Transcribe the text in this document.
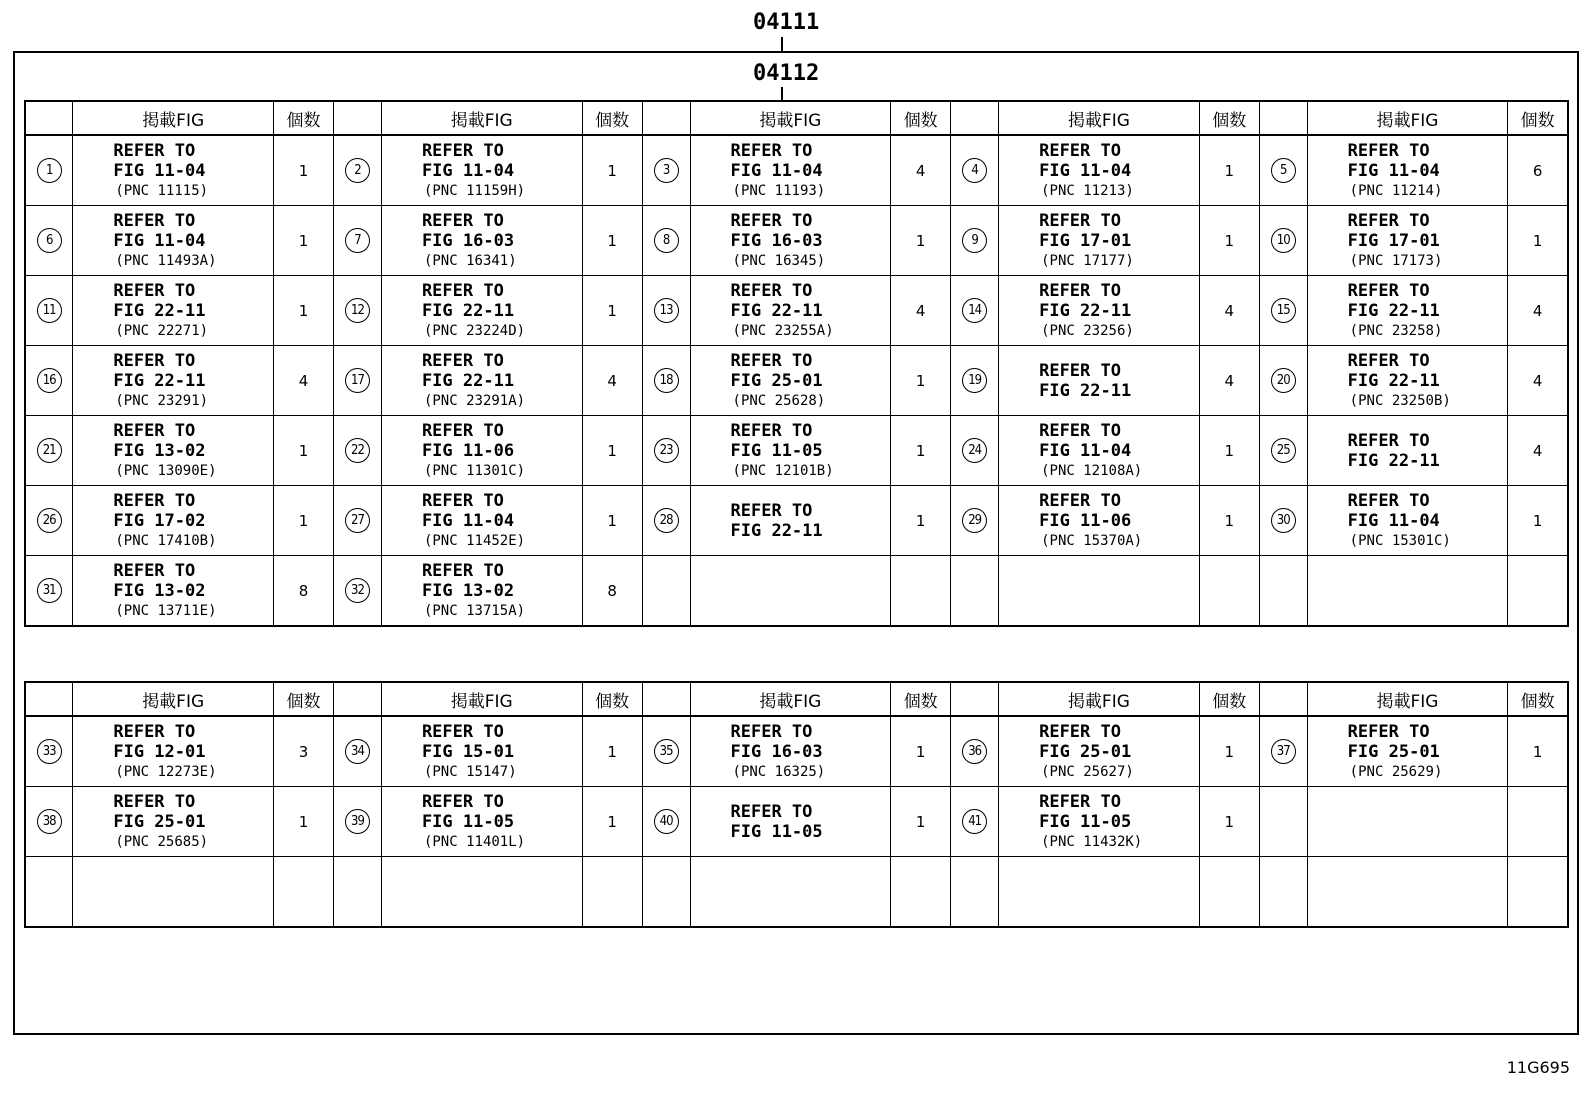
04111
04112
	掲載FIG	個数		掲載FIG	個数		掲載FIG	個数		掲載FIG	個数		掲載FIG	個数
1	REFER TO
FIG 11-04
(PNC 11115)	1	2	REFER TO
FIG 11-04
(PNC 11159H)	1	3	REFER TO
FIG 11-04
(PNC 11193)	4	4	REFER TO
FIG 11-04
(PNC 11213)	1	5	REFER TO
FIG 11-04
(PNC 11214)	6
6	REFER TO
FIG 11-04
(PNC 11493A)	1	7	REFER TO
FIG 16-03
(PNC 16341)	1	8	REFER TO
FIG 16-03
(PNC 16345)	1	9	REFER TO
FIG 17-01
(PNC 17177)	1	10	REFER TO
FIG 17-01
(PNC 17173)	1
11	REFER TO
FIG 22-11
(PNC 22271)	1	12	REFER TO
FIG 22-11
(PNC 23224D)	1	13	REFER TO
FIG 22-11
(PNC 23255A)	4	14	REFER TO
FIG 22-11
(PNC 23256)	4	15	REFER TO
FIG 22-11
(PNC 23258)	4
16	REFER TO
FIG 22-11
(PNC 23291)	4	17	REFER TO
FIG 22-11
(PNC 23291A)	4	18	REFER TO
FIG 25-01
(PNC 25628)	1	19	REFER TO
FIG 22-11	4	20	REFER TO
FIG 22-11
(PNC 23250B)	4
21	REFER TO
FIG 13-02
(PNC 13090E)	1	22	REFER TO
FIG 11-06
(PNC 11301C)	1	23	REFER TO
FIG 11-05
(PNC 12101B)	1	24	REFER TO
FIG 11-04
(PNC 12108A)	1	25	REFER TO
FIG 22-11	4
26	REFER TO
FIG 17-02
(PNC 17410B)	1	27	REFER TO
FIG 11-04
(PNC 11452E)	1	28	REFER TO
FIG 22-11	1	29	REFER TO
FIG 11-06
(PNC 15370A)	1	30	REFER TO
FIG 11-04
(PNC 15301C)	1
31	REFER TO
FIG 13-02
(PNC 13711E)	8	32	REFER TO
FIG 13-02
(PNC 13715A)	8									
	掲載FIG	個数		掲載FIG	個数		掲載FIG	個数		掲載FIG	個数		掲載FIG	個数
33	REFER TO
FIG 12-01
(PNC 12273E)	3	34	REFER TO
FIG 15-01
(PNC 15147)	1	35	REFER TO
FIG 16-03
(PNC 16325)	1	36	REFER TO
FIG 25-01
(PNC 25627)	1	37	REFER TO
FIG 25-01
(PNC 25629)	1
38	REFER TO
FIG 25-01
(PNC 25685)	1	39	REFER TO
FIG 11-05
(PNC 11401L)	1	40	REFER TO
FIG 11-05	1	41	REFER TO
FIG 11-05
(PNC 11432K)	1			

11G695
